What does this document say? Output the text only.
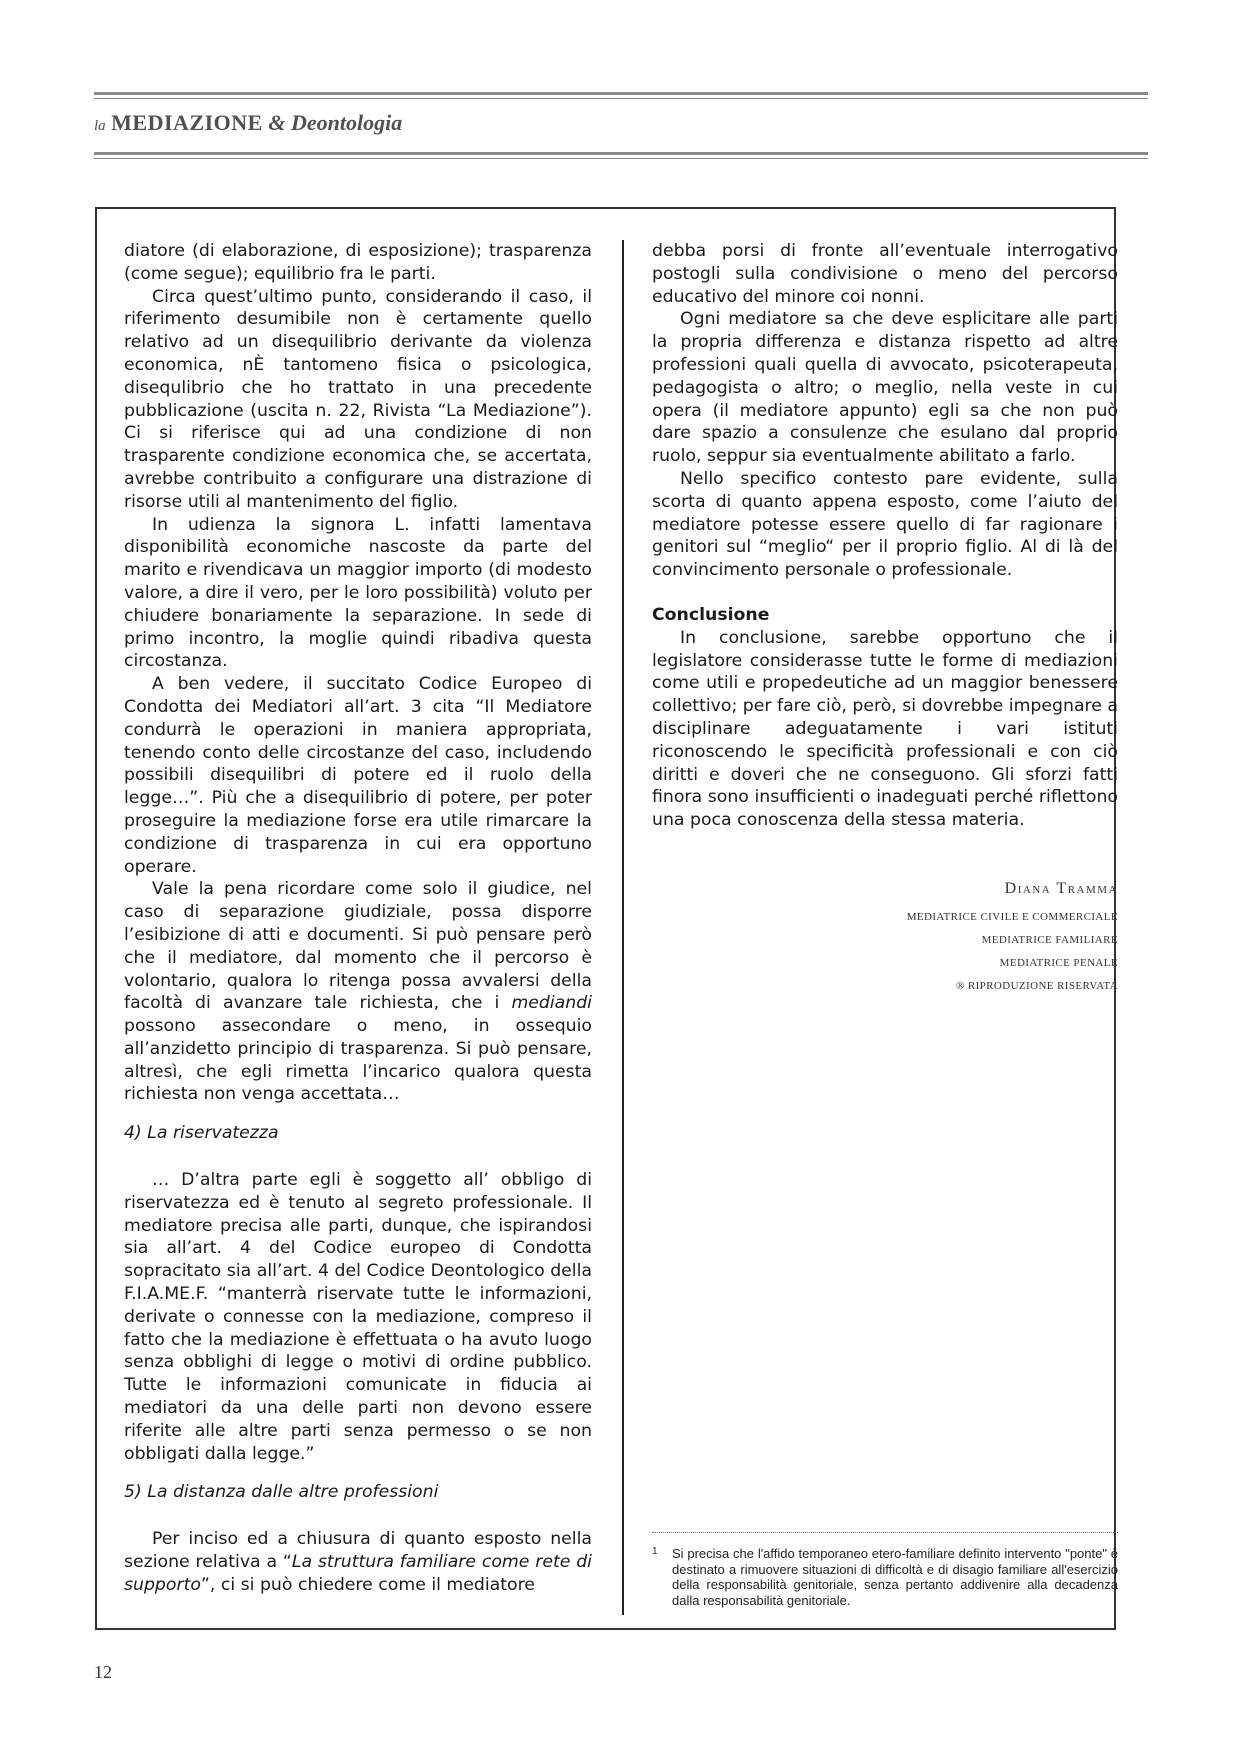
la MEDIAZIONE & Deontologia

diatore (di elaborazione, di esposizione); trasparenza (come segue); equilibrio fra le parti.

Circa quest’ultimo punto, considerando il caso, il riferimento desumibile non è certamente quello relativo ad un disequilibrio derivante da violenza economica, nÈ tantomeno fisica o psicologica, disequlibrio che ho trattato in una precedente pubblicazione (uscita n. 22, Rivista “La Mediazione”). Ci si riferisce qui ad una condizione di non trasparente condizione economica che, se accertata, avrebbe contribuito a configurare una distrazione di risorse utili al mantenimento del figlio.

In udienza la signora L. infatti lamentava disponibilità economiche nascoste da parte del marito e rivendicava un maggior importo (di modesto valore, a dire il vero, per le loro possibilità) voluto per chiudere bonariamente la separazione. In sede di primo incontro, la moglie quindi ribadiva questa circostanza.

A ben vedere, il succitato Codice Europeo di Condotta dei Mediatori all’art. 3 cita “Il Mediatore condurrà le operazioni in maniera appropriata, tenendo conto delle circostanze del caso, includendo possibili disequilibri di potere ed il ruolo della legge…”. Più che a disequilibrio di potere, per poter proseguire la mediazione forse era utile rimarcare la condizione di trasparenza in cui era opportuno operare.

Vale la pena ricordare come solo il giudice, nel caso di separazione giudiziale, possa disporre l’esibizione di atti e documenti. Si può pensare però che il mediatore, dal momento che il percorso è volontario, qualora lo ritenga possa avvalersi della facoltà di avanzare tale richiesta, che i mediandi possono assecondare o meno, in ossequio all’anzidetto principio di trasparenza. Si può pensare, altresì, che egli rimetta l’incarico qualora questa richiesta non venga accettata…

4) La riservatezza

… D’altra parte egli è soggetto all’ obbligo di riservatezza ed è tenuto al segreto professionale. Il mediatore precisa alle parti, dunque, che ispirandosi sia all’art. 4 del Codice europeo di Condotta sopracitato sia all’art. 4 del Codice Deontologico della F.I.A.ME.F. “manterrà riservate tutte le informazioni, derivate o connesse con la mediazione, compreso il fatto che la mediazione è effettuata o ha avuto luogo senza obblighi di legge o motivi di ordine pubblico. Tutte le informazioni comunicate in fiducia ai mediatori da una delle parti non devono essere riferite alle altre parti senza permesso o se non obbligati dalla legge.”

5) La distanza dalle altre professioni

Per inciso ed a chiusura di quanto esposto nella sezione relativa a “La struttura familiare come rete di supporto”, ci si può chiedere come il mediatore

debba porsi di fronte all’eventuale interrogativo postogli sulla condivisione o meno del percorso educativo del minore coi nonni.

Ogni mediatore sa che deve esplicitare alle parti la propria differenza e distanza rispetto ad altre professioni quali quella di avvocato, psicoterapeuta, pedagogista o altro; o meglio, nella veste in cui opera (il mediatore appunto) egli sa che non può dare spazio a consulenze che esulano dal proprio ruolo, seppur sia eventualmente abilitato a farlo.

Nello specifico contesto pare evidente, sulla scorta di quanto appena esposto, come l’aiuto del mediatore potesse essere quello di far ragionare i genitori sul “meglio“ per il proprio figlio. Al di là del convincimento personale o professionale.

Conclusione

In conclusione, sarebbe opportuno che il legislatore considerasse tutte le forme di mediazioni come utili e propedeutiche ad un maggior benessere collettivo; per fare ciò, però, si dovrebbe impegnare a disciplinare adeguatamente i vari istituti riconoscendo le specificità professionali e con ciò diritti e doveri che ne conseguono. Gli sforzi fatti finora sono insufficienti o inadeguati perché riflettono una poca conoscenza della stessa materia.

Diana Tramma
MEDIATRICE CIVILE E COMMERCIALE
MEDIATRICE FAMILIARE
MEDIATRICE PENALE
® RIPRODUZIONE RISERVATA
1 Si precisa che l'affido temporaneo etero-familiare definito intervento "ponte" è destinato a rimuovere situazioni di difficoltà e di disagio familiare all'esercizio della responsabilità genitoriale, senza pertanto addivenire alla decadenza dalla responsabilità genitoriale.
12
